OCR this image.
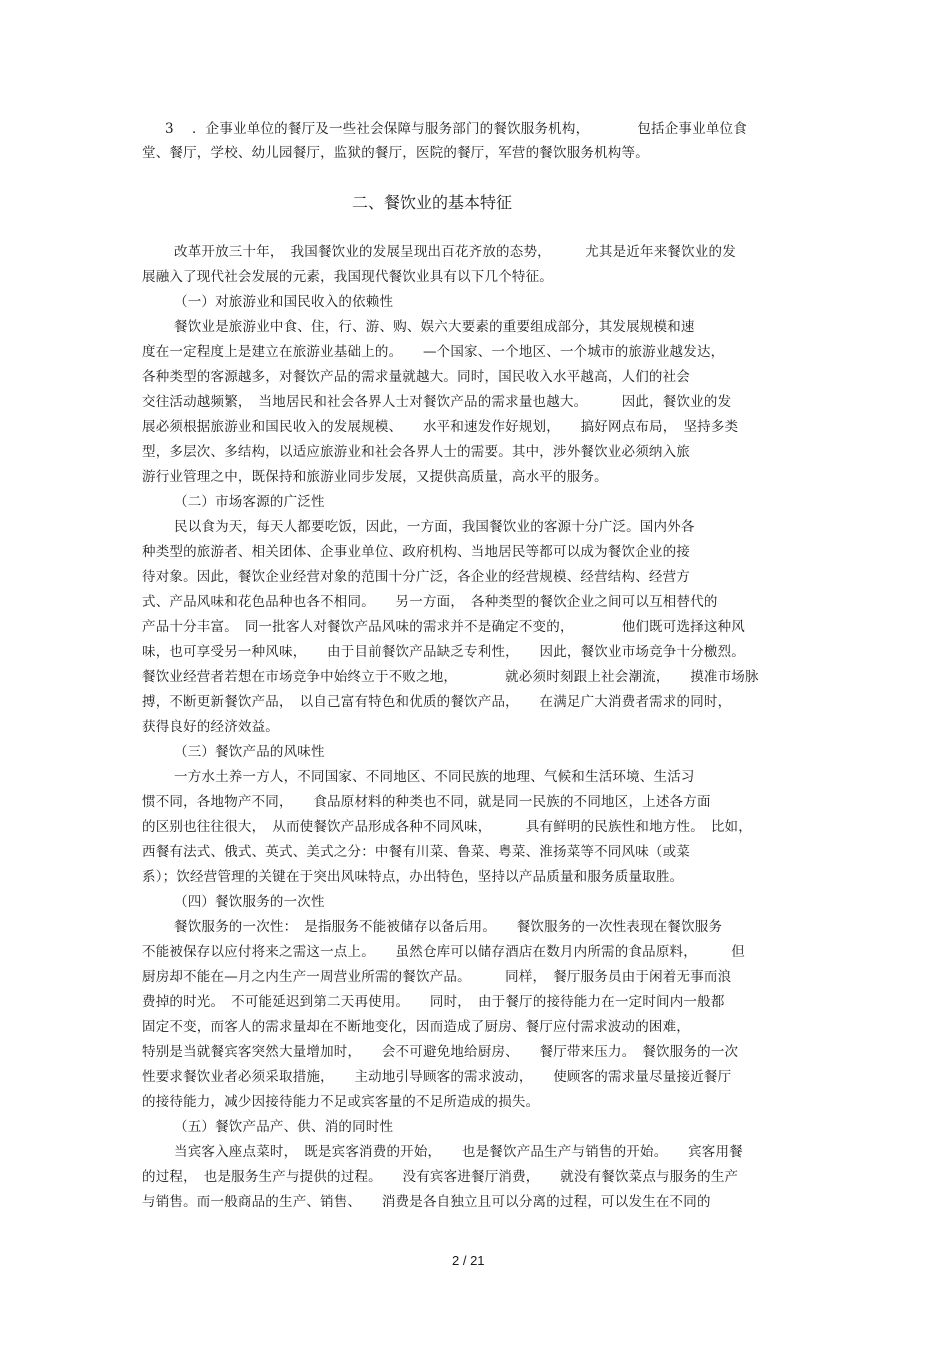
3　 ．企事业单位的餐厅及一些社会保障与服务部门的餐饮服务机构，　　　　包括企事业单位食
堂、餐厅，学校、幼儿园餐厅，监狱的餐厅，医院的餐厅，军营的餐饮服务机构等。
二、餐饮业的基本特征
改革开放三十年，　我国餐饮业的发展呈现出百花齐放的态势，　　　尤其是近年来餐饮业的发
展融入了现代社会发展的元素，我国现代餐饮业具有以下几个特征。
（一）对旅游业和国民收入的依赖性
餐饮业是旅游业中食、住，行、游、购、娱六大要素的重要组成部分，其发展规模和速
度在一定程度上是建立在旅游业基础上的。　　—个国家、一个地区、一个城市的旅游业越发达，
各种类型的客源越多，对餐饮产品的需求量就越大。同时，国民收入水平越高，人们的社会
交往活动越频繁，　当地居民和社会各界人士对餐饮产品的需求量也越大。　　　因此，餐饮业的发
展必须根据旅游业和国民收入的发展规模、　　水平和速发作好规划，　　搞好网点布局，　坚持多类
型，多层次、多结构，以适应旅游业和社会各界人士的需要。其中，涉外餐饮业必须纳入旅
游行业管理之中，既保持和旅游业同步发展，又提供高质量，高水平的服务。
（二）市场客源的广泛性
民以食为天，每天人都要吃饭，因此，一方面，我国餐饮业的客源十分广泛。国内外各
种类型的旅游者、相关团体、企事业单位、政府机构、当地居民等都可以成为餐饮企业的接
待对象。因此，餐饮企业经营对象的范围十分广泛，各企业的经营规模、经营结构、经营方
式、产品风味和花色品种也各不相同。　　另一方面，　各种类型的餐饮企业之间可以互相替代的
产品十分丰富。　同一批客人对餐饮产品风味的需求并不是确定不变的，　　　　他们既可选择这种风
味，也可享受另一种风味，　　由于目前餐饮产品缺乏专利性，　　因此，餐饮业市场竞争十分檄烈。
餐饮业经营者若想在市场竞争中始终立于不败之地，　　　　就必须时刻跟上社会潮流，　　摸准市场脉
搏，不断更新餐饮产品，　以自己富有特色和优质的餐饮产品，　　在满足广大消费者需求的同时，
获得良好的经济效益。
（三）餐饮产品的风味性
一方水土养一方人，不同国家、不同地区、不同民族的地理、气候和生活环境、生活习
惯不同，各地物产不同，　　食品原材料的种类也不同，就是同一民族的不同地区，上述各方面
的区别也往往很大，　从而使餐饮产品形成各种不同风味，　　　具有鲜明的民族性和地方性。　比如，
西餐有法式、俄式、英式、美式之分：中餐有川菜、鲁菜、粤菜、淮扬菜等不同风味（或菜
系）；饮经营管理的关键在于突出风味特点，办出特色，坚持以产品质量和服务质量取胜。
（四）餐饮服务的一次性
餐饮服务的一次性：　是指服务不能被储存以备后用。　　餐饮服务的一次性表现在餐饮服务
不能被保存以应付将来之需这一点上。　　虽然仓库可以储存酒店在数月内所需的食品原料，　　　但
厨房却不能在—月之内生产一周营业所需的餐饮产品。　　　同样，　餐厅服务员由于闲着无事而浪
费掉的时光。　不可能延迟到第二天再使用。　　同时，　由于餐厅的接待能力在一定时间内一般都
固定不变，而客人的需求量却在不断地变化，因而造成了厨房、餐厅应付需求波动的困难，
特别是当就餐宾客突然大量增加时，　　会不可避免地给厨房、　　餐厅带来压力。　餐饮服务的一次
性要求餐饮业者必须采取措施，　　主动地引导顾客的需求波动，　　使顾客的需求量尽量接近餐厅
的接待能力，减少因接待能力不足或宾客量的不足所造成的损失。
（五）餐饮产品产、供、消的同时性
当宾客入座点菜时，　既是宾客消费的开始，　　也是餐饮产品生产与销售的开始。　　宾客用餐
的过程，　也是服务生产与提供的过程。　　没有宾客进餐厅消费，　　就没有餐饮菜点与服务的生产
与销售。而一般商品的生产、销售、　　消费是各自独立且可以分离的过程，可以发生在不同的
2 / 21
